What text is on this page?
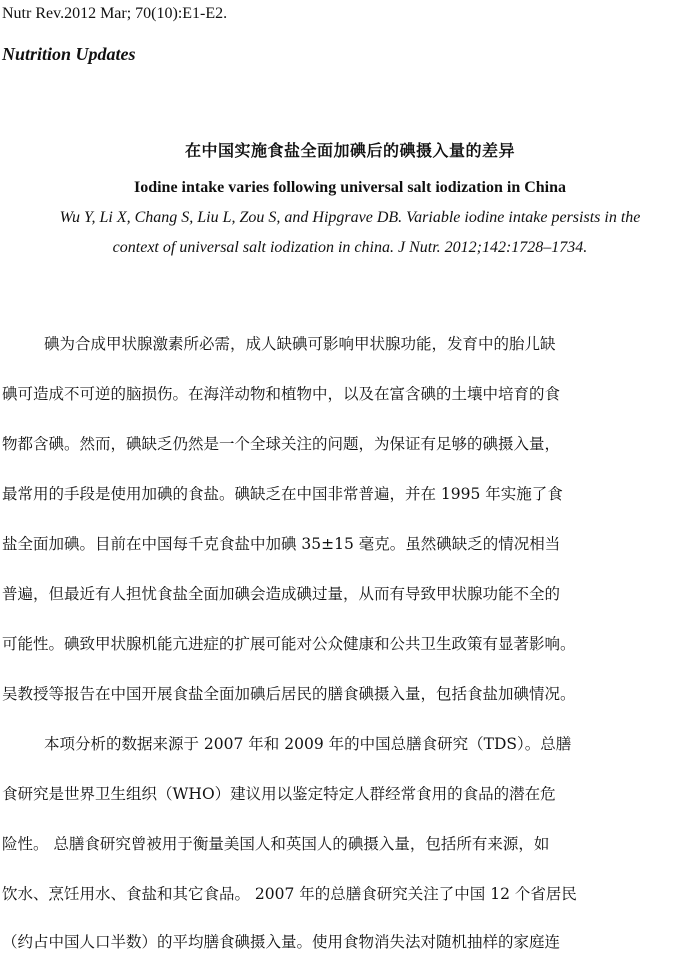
Nutr Rev.2012 Mar; 70(10):E1-E2.
Nutrition Updates
在中国实施食盐全面加碘后的碘摄入量的差异
Iodine intake varies following universal salt iodization in China
Wu Y, Li X, Chang S, Liu L, Zou S, and Hipgrave DB. Variable iodine intake persists in the
context of universal salt iodization in china. J Nutr. 2012;142:1728–1734.
碘为合成甲状腺激素所必需，成人缺碘可影响甲状腺功能，发育中的胎儿缺
碘可造成不可逆的脑损伤。在海洋动物和植物中，以及在富含碘的土壤中培育的食
物都含碘。然而，碘缺乏仍然是一个全球关注的问题，为保证有足够的碘摄入量，
最常用的手段是使用加碘的食盐。碘缺乏在中国非常普遍，并在 1995 年实施了食
盐全面加碘。目前在中国每千克食盐中加碘 35±15 毫克。虽然碘缺乏的情况相当
普遍，但最近有人担忧食盐全面加碘会造成碘过量，从而有导致甲状腺功能不全的
可能性。碘致甲状腺机能亢进症的扩展可能对公众健康和公共卫生政策有显著影响。
吴教授等报告在中国开展食盐全面加碘后居民的膳食碘摄入量，包括食盐加碘情况。
本项分析的数据来源于 2007 年和 2009 年的中国总膳食研究（TDS）。总膳
食研究是世界卫生组织（WHO）建议用以鉴定特定人群经常食用的食品的潜在危
险性。 总膳食研究曾被用于衡量美国人和英国人的碘摄入量，包括所有来源，如
饮水、烹饪用水、食盐和其它食品。 2007 年的总膳食研究关注了中国 12 个省居民
（约占中国人口半数）的平均膳食碘摄入量。使用食物消失法对随机抽样的家庭连
